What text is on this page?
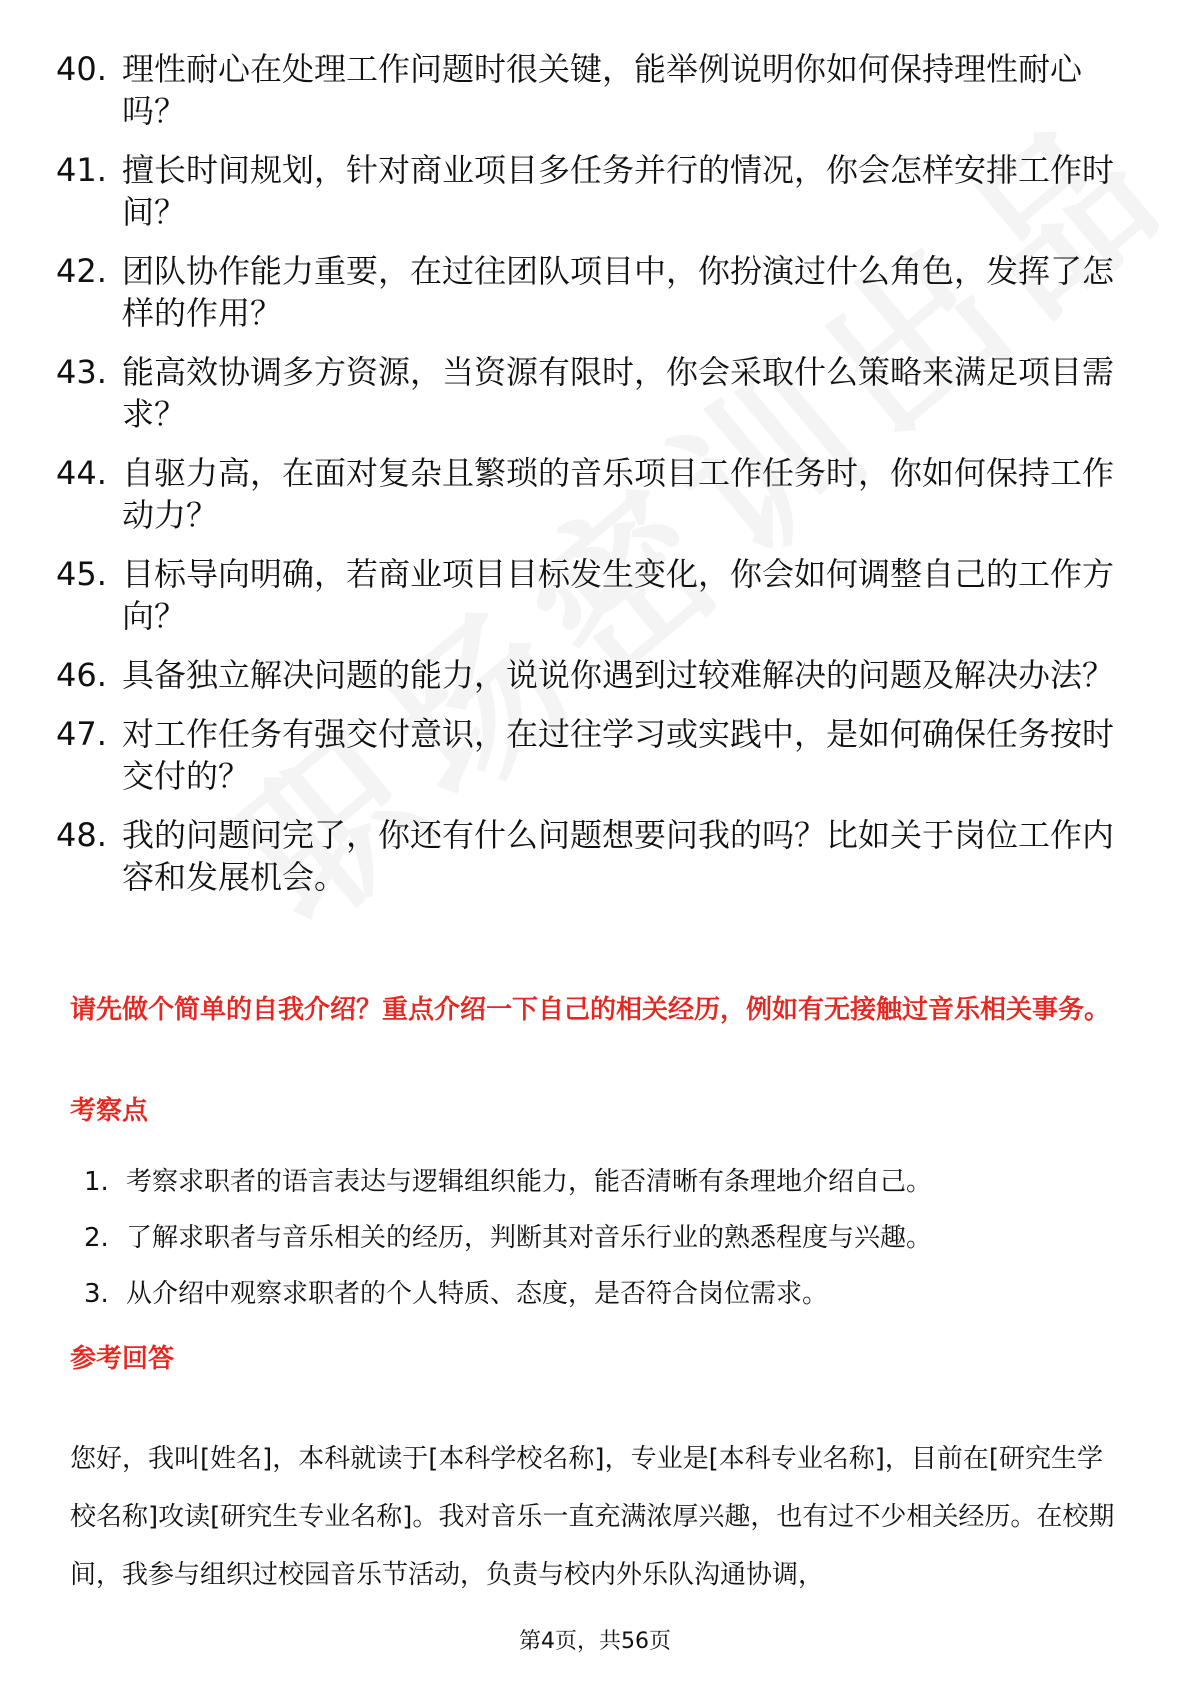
40. 理性耐心在处理工作问题时很关键，能举例说明你如何保持理性耐心吗？
41. 擅长时间规划，针对商业项目多任务并行的情况，你会怎样安排工作时间？
42. 团队协作能力重要，在过往团队项目中，你扮演过什么角色，发挥了怎样的作用？
43. 能高效协调多方资源，当资源有限时，你会采取什么策略来满足项目需求？
44. 自驱力高，在面对复杂且繁琐的音乐项目工作任务时，你如何保持工作动力？
45. 目标导向明确，若商业项目目标发生变化，你会如何调整自己的工作方向？
46. 具备独立解决问题的能力，说说你遇到过较难解决的问题及解决办法？
47. 对工作任务有强交付意识，在过往学习或实践中，是如何确保任务按时交付的？
48. 我的问题问完了，你还有什么问题想要问我的吗？比如关于岗位工作内容和发展机会。
请先做个简单的自我介绍？重点介绍一下自己的相关经历，例如有无接触过音乐相关事务。
考察点
1. 考察求职者的语言表达与逻辑组织能力，能否清晰有条理地介绍自己。
2. 了解求职者与音乐相关的经历，判断其对音乐行业的熟悉程度与兴趣。
3. 从介绍中观察求职者的个人特质、态度，是否符合岗位需求。
参考回答
您好，我叫[姓名]，本科就读于[本科学校名称]，专业是[本科专业名称]，目前在[研究生学校名称]攻读[研究生专业名称]。我对音乐一直充满浓厚兴趣，也有过不少相关经历。在校期间，我参与组织过校园音乐节活动，负责与校内外乐队沟通协调，
第4页，共56页
